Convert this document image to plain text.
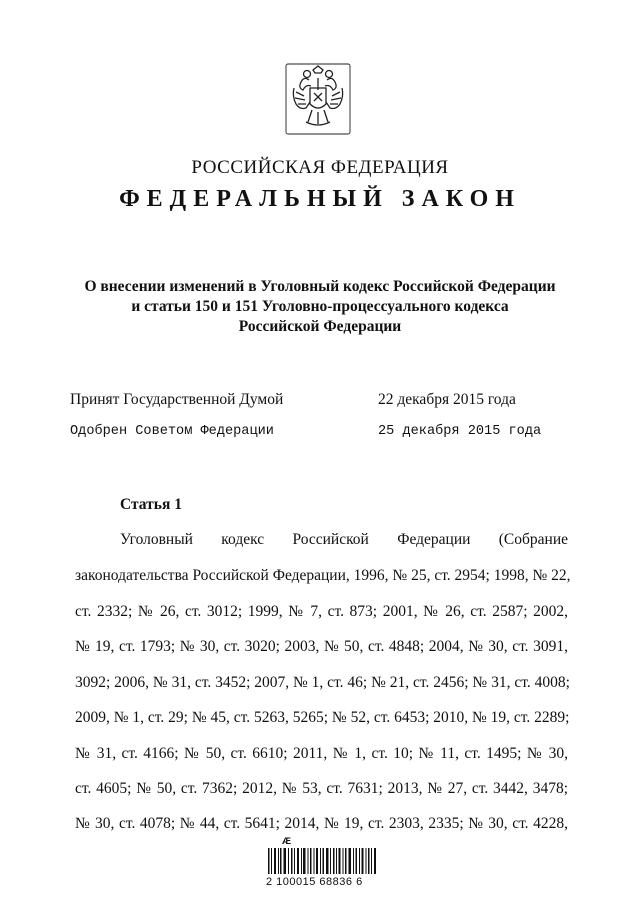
РОССИЙСКАЯ ФЕДЕРАЦИЯ
ФЕДЕРАЛЬНЫЙ ЗАКОН
О внесении изменений в Уголовный кодекс Российской Федерации
и статьи 150 и 151 Уголовно-процессуального кодекса
Российской Федерации
Принят Государственной Думой	22 декабря 2015 года
Одобрен Советом Федерации	25 декабря 2015 года
Статья 1
Уголовный кодекс Российской Федерации (Собрание
законодательства Российской Федерации, 1996, № 25, ст. 2954; 1998, № 22,
ст. 2332; № 26, ст. 3012; 1999, № 7, ст. 873; 2001, № 26, ст. 2587; 2002,
№ 19, ст. 1793; № 30, ст. 3020; 2003, № 50, ст. 4848; 2004, № 30, ст. 3091,
3092; 2006, № 31, ст. 3452; 2007, № 1, ст. 46; № 21, ст. 2456; № 31, ст. 4008;
2009, № 1, ст. 29; № 45, ст. 5263, 5265; № 52, ст. 6453; 2010, № 19, ст. 2289;
№ 31, ст. 4166; № 50, ст. 6610; 2011, № 1, ст. 10; № 11, ст. 1495; № 30,
ст. 4605; № 50, ст. 7362; 2012, № 53, ст. 7631; 2013, № 27, ст. 3442, 3478;
№ 30, ст. 4078; № 44, ст. 5641; 2014, № 19, ст. 2303, 2335; № 30, ст. 4228,
Æ
2 100015 68836 6
